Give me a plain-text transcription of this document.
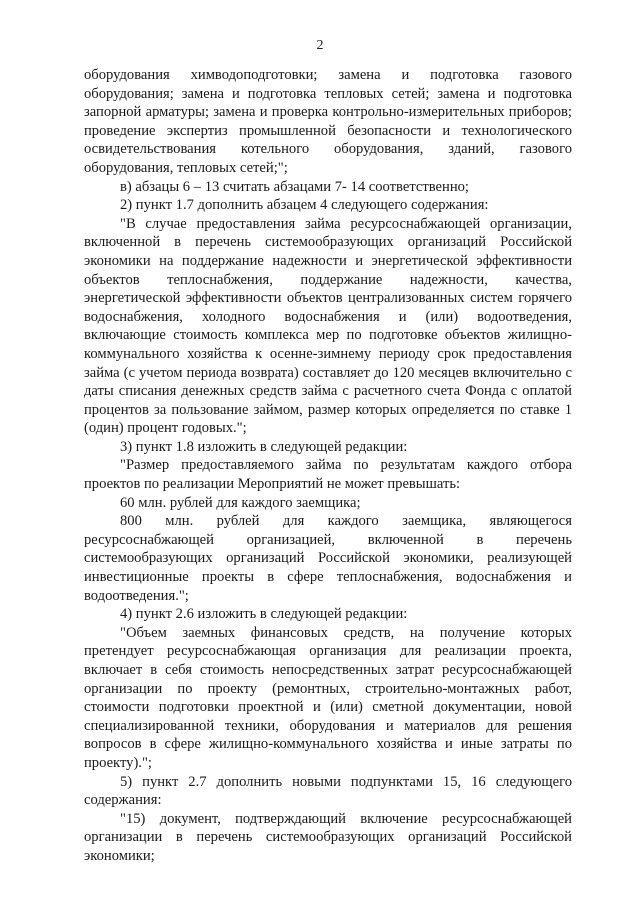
2

оборудования химводоподготовки; замена и подготовка газового оборудования; замена и подготовка тепловых сетей; замена и подготовка запорной арматуры; замена и проверка контрольно-измерительных приборов; проведение экспертиз промышленной безопасности и технологического освидетельствования котельного оборудования, зданий, газового оборудования, тепловых сетей;";

в) абзацы 6 – 13 считать абзацами 7- 14 соответственно;

2) пункт 1.7 дополнить абзацем 4 следующего содержания:

"В случае предоставления займа ресурсоснабжающей организации, включенной в перечень системообразующих организаций Российской экономики на поддержание надежности и энергетической эффективности объектов теплоснабжения, поддержание надежности, качества, энергетической эффективности объектов централизованных систем горячего водоснабжения, холодного водоснабжения и (или) водоотведения, включающие стоимость комплекса мер по подготовке объектов жилищно-коммунального хозяйства к осенне-зимнему периоду срок предоставления займа (с учетом периода возврата) составляет до 120 месяцев включительно с даты списания денежных средств займа с расчетного счета Фонда с оплатой процентов за пользование займом, размер которых определяется по ставке 1 (один) процент годовых.";

3) пункт 1.8 изложить в следующей редакции:

"Размер предоставляемого займа по результатам каждого отбора проектов по реализации Мероприятий не может превышать:

60 млн. рублей для каждого заемщика;

800 млн. рублей для каждого заемщика, являющегося ресурсоснабжающей организацией, включенной в перечень системообразующих организаций Российской экономики, реализующей инвестиционные проекты в сфере теплоснабжения, водоснабжения и водоотведения.";

4) пункт 2.6 изложить в следующей редакции:

"Объем заемных финансовых средств, на получение которых претендует ресурсоснабжающая организация для реализации проекта, включает в себя стоимость непосредственных затрат ресурсоснабжающей организации по проекту (ремонтных, строительно-монтажных работ, стоимости подготовки проектной и (или) сметной документации, новой специализированной техники, оборудования и материалов для решения вопросов в сфере жилищно-коммунального хозяйства и иные затраты по проекту).";

5) пункт 2.7 дополнить новыми подпунктами 15, 16 следующего содержания:

"15) документ, подтверждающий включение ресурсоснабжающей организации в перечень системообразующих организаций Российской экономики;
